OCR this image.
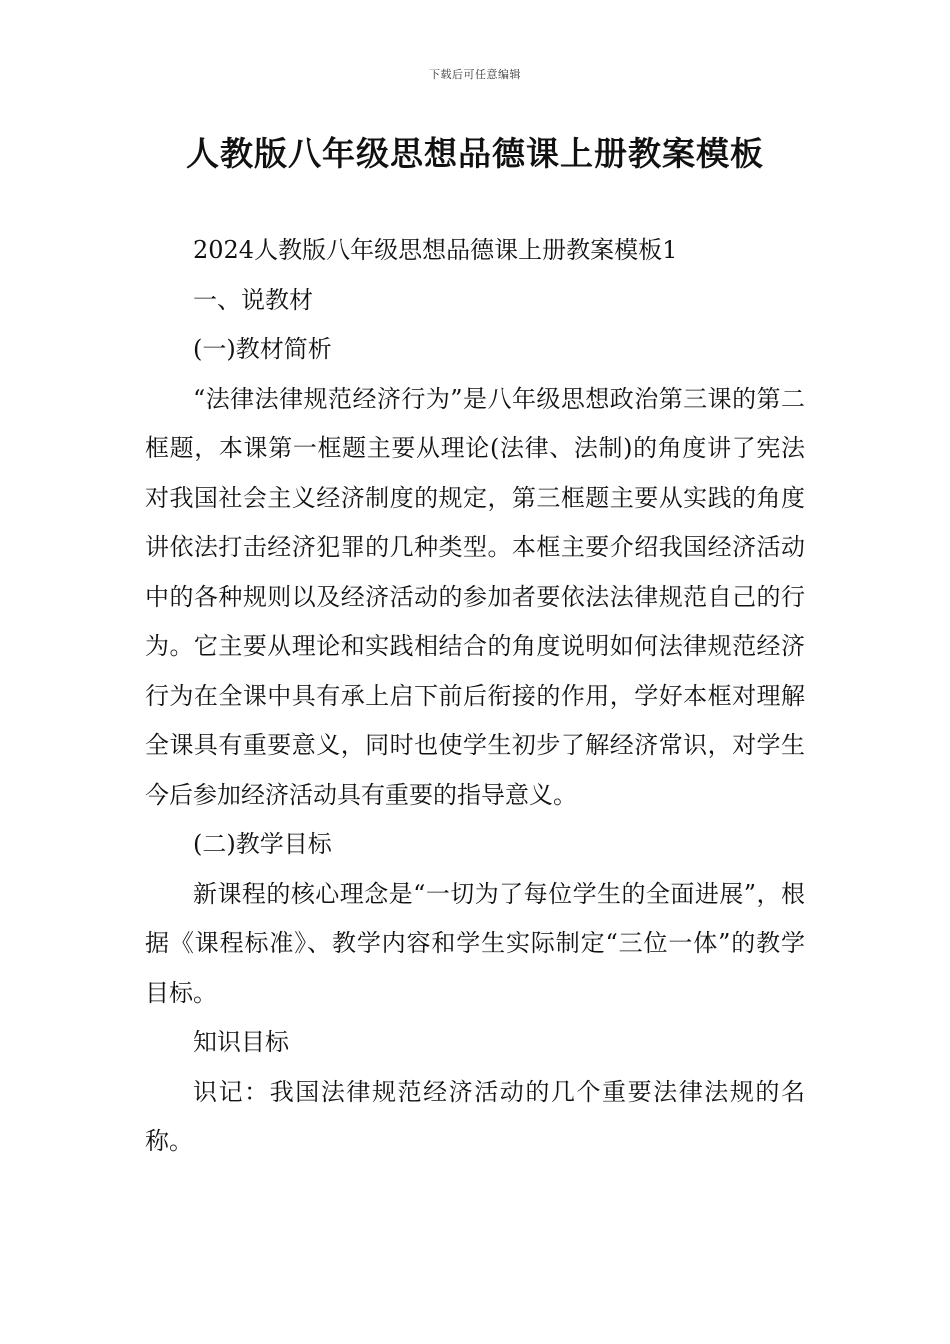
下载后可任意编辑
人教版八年级思想品德课上册教案模板

2024人教版八年级思想品德课上册教案模板1

一、说教材

(一)教材简析

“法律法律规范经济行为”是八年级思想政治第三课的第二框题，本课第一框题主要从理论(法律、法制)的角度讲了宪法对我国社会主义经济制度的规定，第三框题主要从实践的角度讲依法打击经济犯罪的几种类型。本框主要介绍我国经济活动中的各种规则以及经济活动的参加者要依法法律规范自己的行为。它主要从理论和实践相结合的角度说明如何法律规范经济行为在全课中具有承上启下前后衔接的作用，学好本框对理解全课具有重要意义，同时也使学生初步了解经济常识，对学生今后参加经济活动具有重要的指导意义。

(二)教学目标

新课程的核心理念是“一切为了每位学生的全面进展”，根据《课程标准》、教学内容和学生实际制定“三位一体”的教学目标。

知识目标

识记：我国法律规范经济活动的几个重要法律法规的名称。
